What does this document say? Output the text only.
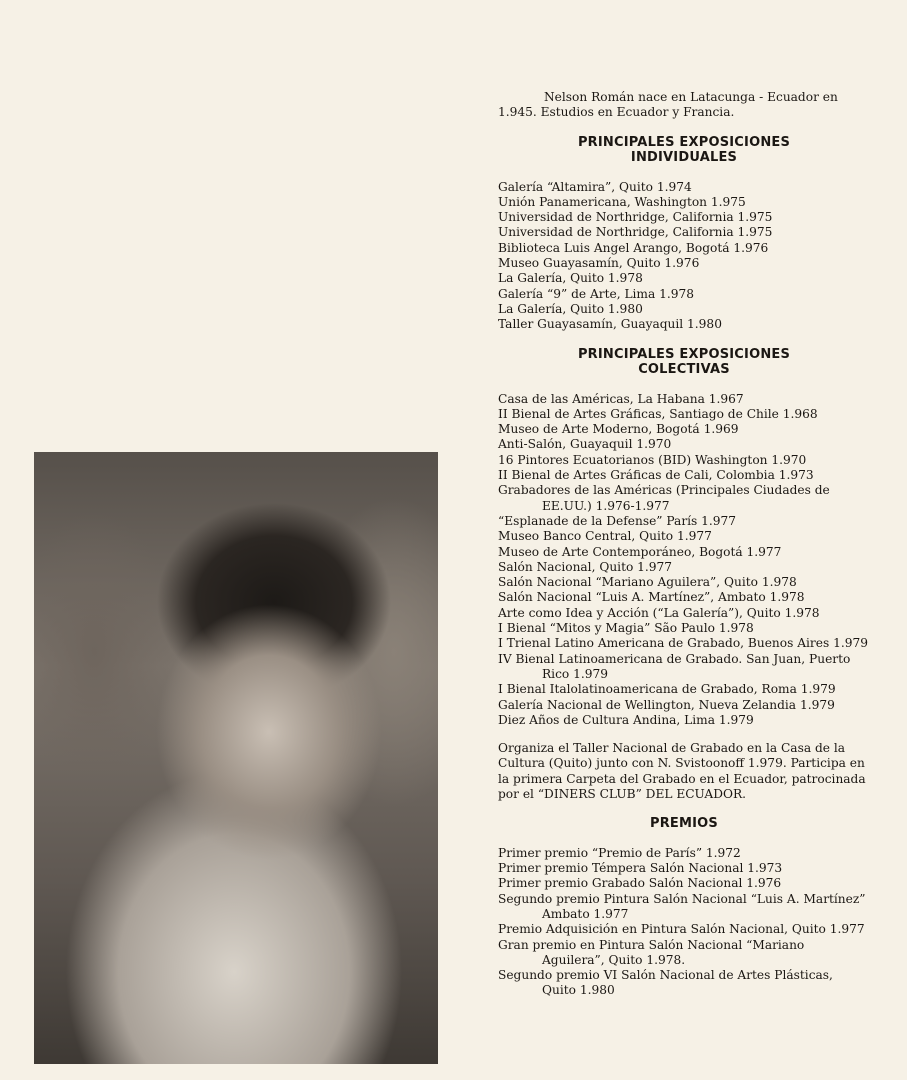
Nelson Román nace en Latacunga - Ecuador en 1.945. Estudios en Ecuador y Francia.

PRINCIPALES EXPOSICIONES
INDIVIDUALES
Galería “Altamira”, Quito 1.974
Unión Panamericana, Washington 1.975
Universidad de Northridge, California 1.975
Universidad de Northridge, California 1.975
Biblioteca Luis Angel Arango, Bogotá 1.976
Museo Guayasamín, Quito 1.976
La Galería, Quito 1.978
Galería “9” de Arte, Lima 1.978
La Galería, Quito 1.980
Taller Guayasamín, Guayaquil 1.980
PRINCIPALES EXPOSICIONES
COLECTIVAS
Casa de las Américas, La Habana 1.967
II Bienal de Artes Gráficas, Santiago de Chile 1.968
Museo de Arte Moderno, Bogotá 1.969
Anti-Salón, Guayaquil 1.970
16 Pintores Ecuatorianos (BID) Washington 1.970
II Bienal de Artes Gráficas de Cali, Colombia 1.973
Grabadores de las Américas (Principales Ciudades de EE.UU.) 1.976-1.977
“Esplanade de la Defense” París 1.977
Museo Banco Central, Quito 1.977
Museo de Arte Contemporáneo, Bogotá 1.977
Salón Nacional, Quito 1.977
Salón Nacional “Mariano Aguilera”, Quito 1.978
Salón Nacional “Luis A. Martínez”, Ambato 1.978
Arte como Idea y Acción (“La Galería”), Quito 1.978
I Bienal “Mitos y Magia” São Paulo 1.978
I Trienal Latino Americana de Grabado, Buenos Aires 1.979
IV Bienal Latinoamericana de Grabado. San Juan, Puerto Rico 1.979
I Bienal Italolatinoamericana de Grabado, Roma 1.979
Galería Nacional de Wellington, Nueva Zelandia 1.979
Diez Años de Cultura Andina, Lima 1.979

Organiza el Taller Nacional de Grabado en la Casa de la Cultura (Quito) junto con N. Svistoonoff 1.979. Participa en la primera Carpeta del Grabado en el Ecuador, patrocinada por el “DINERS CLUB” DEL ECUADOR.

PREMIOS
Primer premio “Premio de París” 1.972
Primer premio Témpera Salón Nacional 1.973
Primer premio Grabado Salón Nacional 1.976
Segundo premio Pintura Salón Nacional “Luis A. Martínez” Ambato 1.977
Premio Adquisición en Pintura Salón Nacional, Quito 1.977
Gran premio en Pintura Salón Nacional “Mariano Aguilera”, Quito 1.978.
Segundo premio VI Salón Nacional de Artes Plásticas, Quito 1.980
